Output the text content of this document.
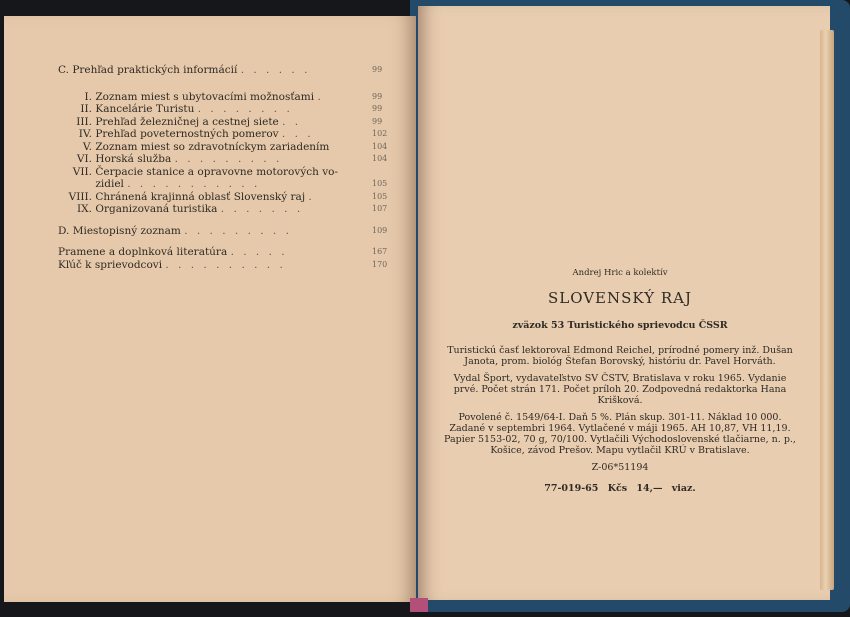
C. Prehľad praktických informácií . . . . . .	99
I. Zoznam miest s ubytovacími možnosťami .	99
II. Kancelárie Turistu . . . . . . . .	99
III. Prehľad železničnej a cestnej siete . .	99
IV. Prehľad poveternostných pomerov . . .	102
V. Zoznam miest so zdravotníckym zariadením	104
VI. Horská služba . . . . . . . . .	104
VII. Čerpacie stanice a opravovne motorových vo-
zidiel . . . . . . . . . . .	105
VIII. Chránená krajinná oblasť Slovenský raj .	105
IX. Organizovaná turistika . . . . . . .	107
D. Miestopisný zoznam . . . . . . . . .	109
Pramene a doplnková literatúra . . . . .	167
Kľúč k sprievodcovi . . . . . . . . . .	170
Andrej Hric a kolektív
SLOVENSKÝ RAJ
zväzok 53 Turistického sprievodcu ČSSR
Turistickú časť lektoroval Edmond Reichel, prírodné pomery inž. Dušan Janota, prom. biológ Štefan Borovský, históriu dr. Pavel Horváth.
Vydal Šport, vydavateľstvo SV ČSTV, Bratislava v roku 1965. Vydanie prvé. Počet strán 171. Počet príloh 20. Zodpovedná redaktorka Hana Krišková.
Povolené č. 1549/64-I. Daň 5 %. Plán skup. 301-11. Náklad 10 000. Zadané v septembri 1964. Vytlačené v máji 1965. AH 10,87, VH 11,19. Papier 5153-02, 70 g, 70/100. Vytlačili Východoslovenské tlačiarne, n. p., Košice, závod Prešov. Mapu vytlačil KRÚ v Bratislave.
Z-06*51194
77-019-65 Kčs 14,— viaz.
